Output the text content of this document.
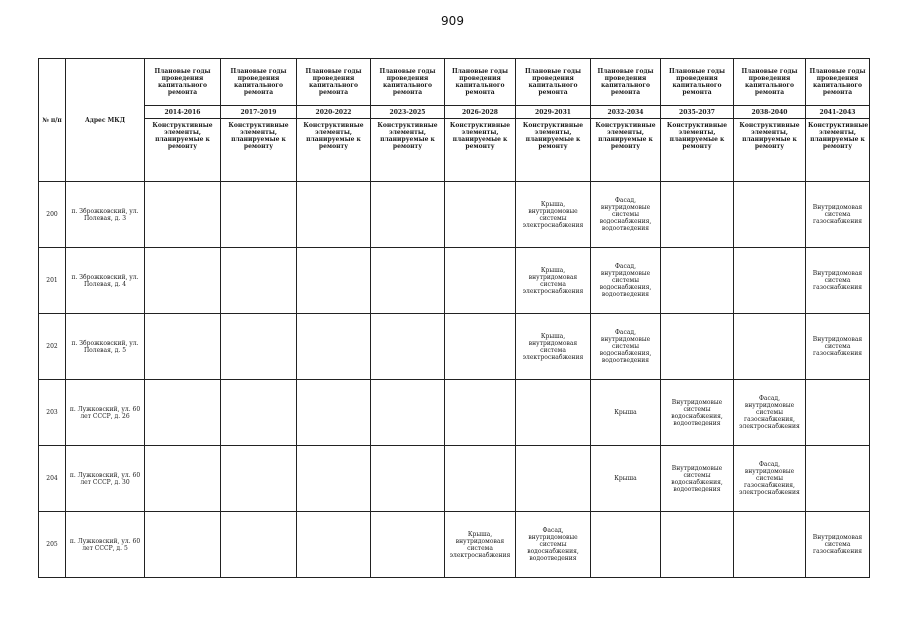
909
№ п/п	Адрес МКД	Плановые годы проведения капитального ремонта	Плановые годы проведения капитального ремонта	Плановые годы проведения капитального ремонта	Плановые годы проведения капитального ремонта	Плановые годы проведения капитального ремонта	Плановые годы проведения капитального ремонта	Плановые годы проведения капитального ремонта	Плановые годы проведения капитального ремонта	Плановые годы проведения капитального ремонта	Плановые годы проведения капитального ремонта
		2014-2016	2017-2019	2020-2022	2023-2025	2026-2028	2029-2031	2032-2034	2035-2037	2038-2040	2041-2043
		Конструктивные элементы, планируемые к ремонту	Конструктивные элементы, планируемые к ремонту	Конструктивные элементы, планируемые к ремонту	Конструктивные элементы, планируемые к ремонту	Конструктивные элементы, планируемые к ремонту	Конструктивные элементы, планируемые к ремонту	Конструктивные элементы, планируемые к ремонту	Конструктивные элементы, планируемые к ремонту	Конструктивные элементы, планируемые к ремонту	Конструктивные элементы, планируемые к ремонту
200	п. Зброжковский, ул. Полевая, д. 3						Крыша, внутридомовые системы электроснабжения	Фасад, внутридомовые системы водоснабжения, водоотведения			Внутридомовая система газоснабжения
201	п. Зброжковский, ул. Полевая, д. 4						Крыша, внутридомовая система электроснабжения	Фасад, внутридомовые системы водоснабжения, водоотведения			Внутридомовая система газоснабжения
202	п. Зброжковский, ул. Полевая, д. 5						Крыша, внутридомовая система электроснабжения	Фасад, внутридомовые системы водоснабжения, водоотведения			Внутридомовая система газоснабжения
203	п. Лужковский, ул. 60 лет СССР, д. 26							Крыша	Внутридомовые системы водоснабжения, водоотведения	Фасад, внутридомовые системы газоснабжения, электроснабжения	
204	п. Лужковский, ул. 60 лет СССР, д. 30							Крыша	Внутридомовые системы водоснабжения, водоотведения	Фасад, внутридомовые системы газоснабжения, электроснабжения	
205	п. Лужковский, ул. 60 лет СССР, д. 5					Крыша, внутридомовая система электроснабжения	Фасад, внутридомовые системы водоснабжения, водоотведения				Внутридомовая система газоснабжения
